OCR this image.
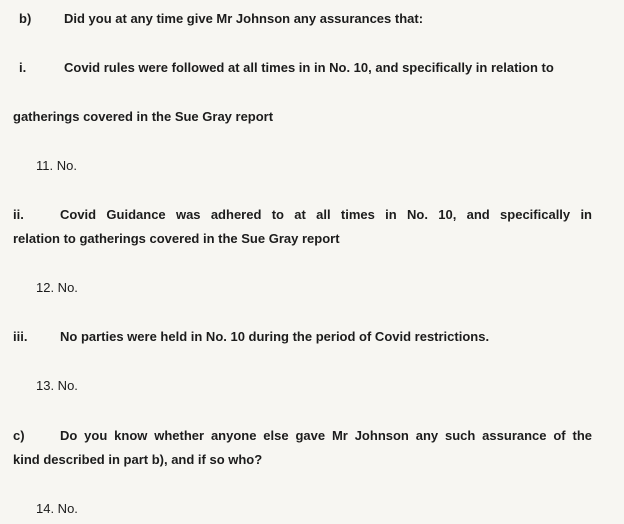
b)	Did you at any time give Mr Johnson any assurances that:
i.	Covid rules were followed at all times in in No. 10, and specifically in relation to
gatherings covered in the Sue Gray report
11. No.
ii.	Covid Guidance was adhered to at all times in No. 10, and specifically in
relation to gatherings covered in the Sue Gray report
12. No.
iii.	No parties were held in No. 10 during the period of Covid restrictions.
13. No.
c)	Do you know whether anyone else gave Mr Johnson any such assurance of the
kind described in part b), and if so who?
14. No.
